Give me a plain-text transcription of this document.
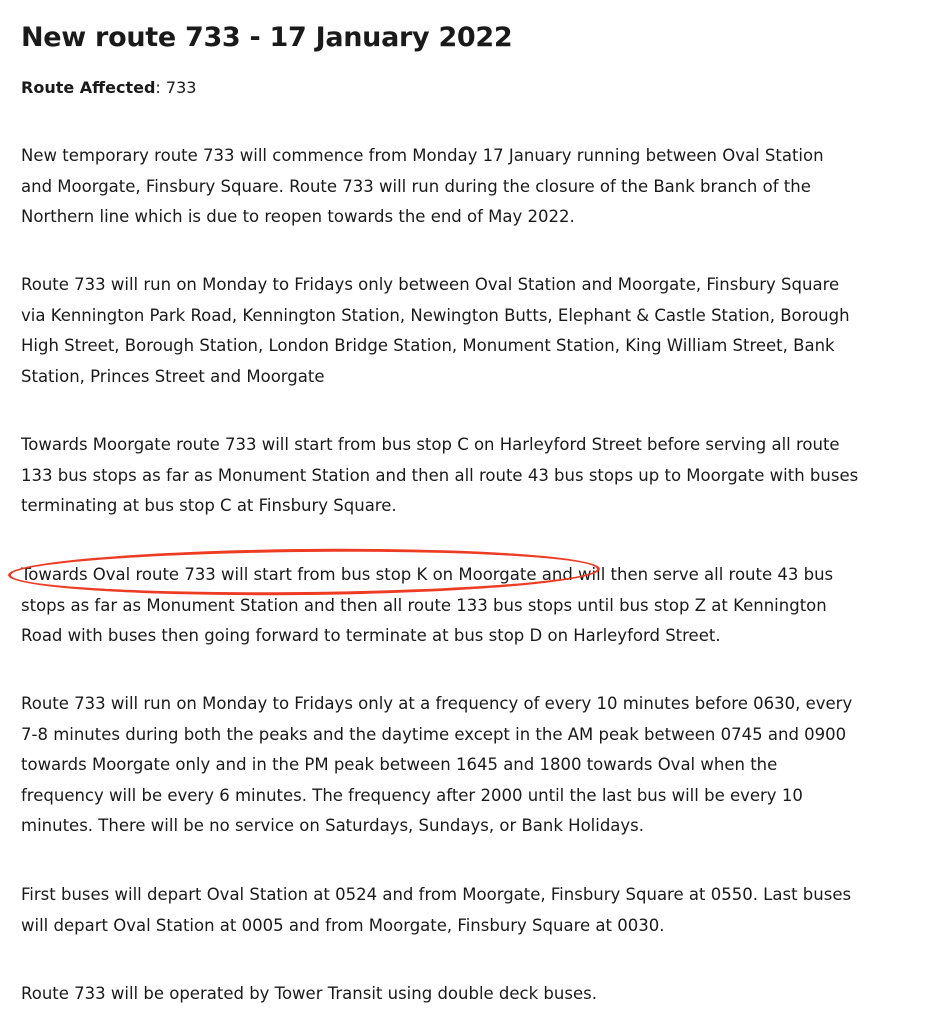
New route 733 - 17 January 2022
Route Affected: 733

New temporary route 733 will commence from Monday 17 January running between Oval Station
and Moorgate, Finsbury Square. Route 733 will run during the closure of the Bank branch of the
Northern line which is due to reopen towards the end of May 2022.

Route 733 will run on Monday to Fridays only between Oval Station and Moorgate, Finsbury Square
via Kennington Park Road, Kennington Station, Newington Butts, Elephant & Castle Station, Borough
High Street, Borough Station, London Bridge Station, Monument Station, King William Street, Bank
Station, Princes Street and Moorgate

Towards Moorgate route 733 will start from bus stop C on Harleyford Street before serving all route
133 bus stops as far as Monument Station and then all route 43 bus stops up to Moorgate with buses
terminating at bus stop C at Finsbury Square.

Towards Oval route 733 will start from bus stop K on Moorgate and will then serve all route 43 bus
stops as far as Monument Station and then all route 133 bus stops until bus stop Z at Kennington
Road with buses then going forward to terminate at bus stop D on Harleyford Street.

Route 733 will run on Monday to Fridays only at a frequency of every 10 minutes before 0630, every
7-8 minutes during both the peaks and the daytime except in the AM peak between 0745 and 0900
towards Moorgate only and in the PM peak between 1645 and 1800 towards Oval when the
frequency will be every 6 minutes. The frequency after 2000 until the last bus will be every 10
minutes. There will be no service on Saturdays, Sundays, or Bank Holidays.

First buses will depart Oval Station at 0524 and from Moorgate, Finsbury Square at 0550. Last buses
will depart Oval Station at 0005 and from Moorgate, Finsbury Square at 0030.

Route 733 will be operated by Tower Transit using double deck buses.
